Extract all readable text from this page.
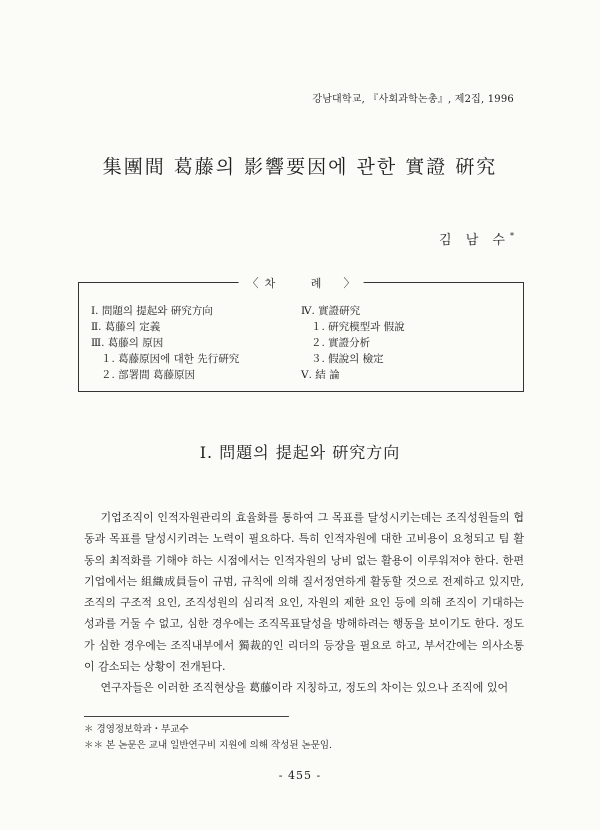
강남대학교, 『사회과학논총』, 제2집, 1996
集團間 葛藤의 影響要因에 관한 實證 硏究
김 남 수*
〈 차 례 〉
Ⅰ. 問題의 提起와 硏究方向
Ⅱ. 葛藤의 定義
Ⅲ. 葛藤의 原因
１. 葛藤原因에 대한 先行硏究
２. 部署間 葛藤原因
Ⅳ. 實證硏究
１. 硏究模型과 假說
２. 實證分析
３. 假說의 檢定
Ⅴ. 結 論
Ⅰ. 問題의 提起와 硏究方向

기업조직이 인적자원관리의 효율화를 통하여 그 목표를 달성시키는데는 조직성원들의 협동과 목표를 달성시키려는 노력이 필요하다. 특히 인적자원에 대한 고비용이 요청되고 팀 활동의 최적화를 기해야 하는 시점에서는 인적자원의 낭비 없는 활용이 이루워져야 한다. 한편 기업에서는 組織成員들이 규범, 규칙에 의해 질서정연하게 활동할 것으로 전제하고 있지만, 조직의 구조적 요인, 조직성원의 심리적 요인, 자원의 제한 요인 등에 의해 조직이 기대하는 성과를 거둘 수 없고, 심한 경우에는 조직목표달성을 방해하려는 행동을 보이기도 한다. 정도가 심한 경우에는 조직내부에서 獨裁的인 리더의 등장을 필요로 하고, 부서간에는 의사소통이 감소되는 상황이 전개된다.

연구자들은 이러한 조직현상을 葛藤이라 지칭하고, 정도의 차이는 있으나 조직에 있어

＊ 경영정보학과・부교수
＊＊ 본 논문은 교내 일반연구비 지원에 의해 작성된 논문임.
- 455 -
